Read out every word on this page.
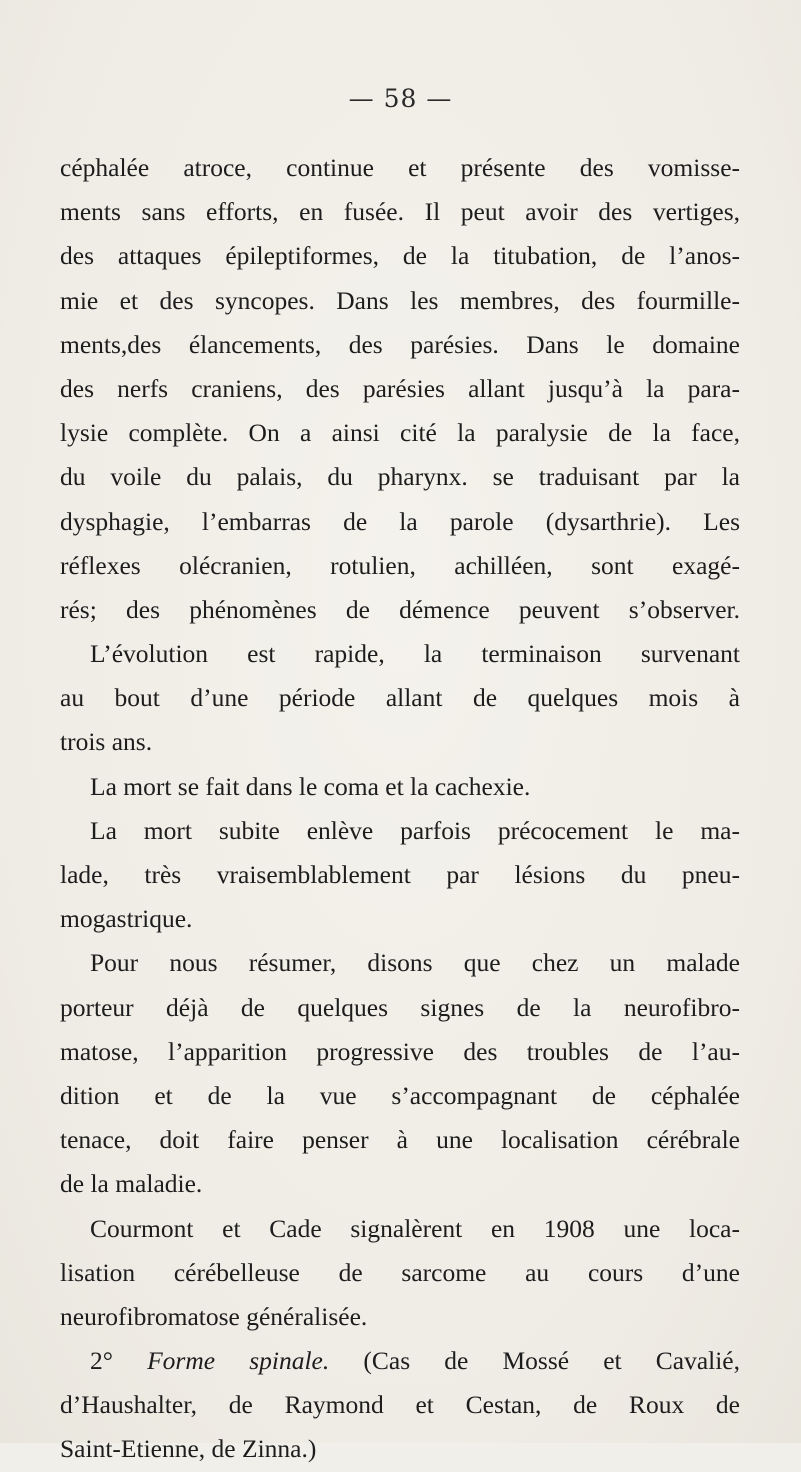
— 58 —
céphalée atroce, continue et présente des vomisse-
ments sans efforts, en fusée. Il peut avoir des vertiges,
des attaques épileptiformes, de la titubation, de l’anos-
mie et des syncopes. Dans les membres, des fourmille-
ments,des élancements, des parésies. Dans le domaine
des nerfs craniens, des parésies allant jusqu’à la para-
lysie complète. On a ainsi cité la paralysie de la face,
du voile du palais, du pharynx. se traduisant par la
dysphagie, l’embarras de la parole (dysarthrie). Les
réflexes olécranien, rotulien, achilléen, sont exagé-
rés; des phénomènes de démence peuvent s’observer.
L’évolution est rapide, la terminaison survenant
au bout d’une période allant de quelques mois à
trois ans.
La mort se fait dans le coma et la cachexie.
La mort subite enlève parfois précocement le ma-
lade, très vraisemblablement par lésions du pneu-
mogastrique.
Pour nous résumer, disons que chez un malade
porteur déjà de quelques signes de la neurofibro-
matose, l’apparition progressive des troubles de l’au-
dition et de la vue s’accompagnant de céphalée
tenace, doit faire penser à une localisation cérébrale
de la maladie.
Courmont et Cade signalèrent en 1908 une loca-
lisation cérébelleuse de sarcome au cours d’une
neurofibromatose généralisée.
2° Forme spinale. (Cas de Mossé et Cavalié,
d’Haushalter, de Raymond et Cestan, de Roux de
Saint-Etienne, de Zinna.)
